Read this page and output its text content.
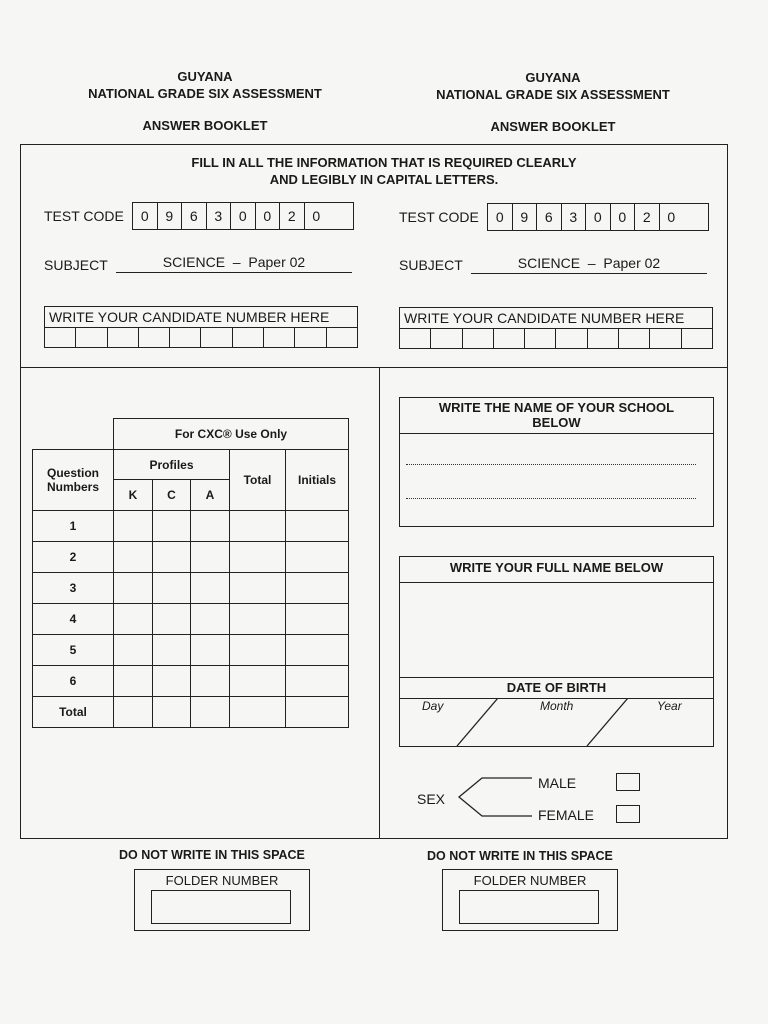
GUYANA
NATIONAL GRADE SIX ASSESSMENT
ANSWER BOOKLET
GUYANA
NATIONAL GRADE SIX ASSESSMENT
ANSWER BOOKLET
FILL IN ALL THE INFORMATION THAT IS REQUIRED CLEARLY
AND LEGIBLY IN CAPITAL LETTERS.
TEST CODE	0	9	6	3	0	0	2	0	TEST CODE	0	9	6	3	0	0	2	0
SUBJECT	SCIENCE  –  Paper 02	SUBJECT	SCIENCE  –  Paper 02
WRITE YOUR CANDIDATE NUMBER HERE	WRITE YOUR CANDIDATE NUMBER HERE
	For CXC® Use Only				
Question Numbers	Profiles			Total	Initials
	K	C	A		
1					
2					
3					
4					
5					
6					
Total					
WRITE THE NAME OF YOUR SCHOOL
BELOW
WRITE YOUR FULL NAME BELOW
DATE OF BIRTH
Day	Month	Year
SEX
MALE
FEMALE
DO NOT WRITE IN THIS SPACE
FOLDER NUMBER
DO NOT WRITE IN THIS SPACE
FOLDER NUMBER
